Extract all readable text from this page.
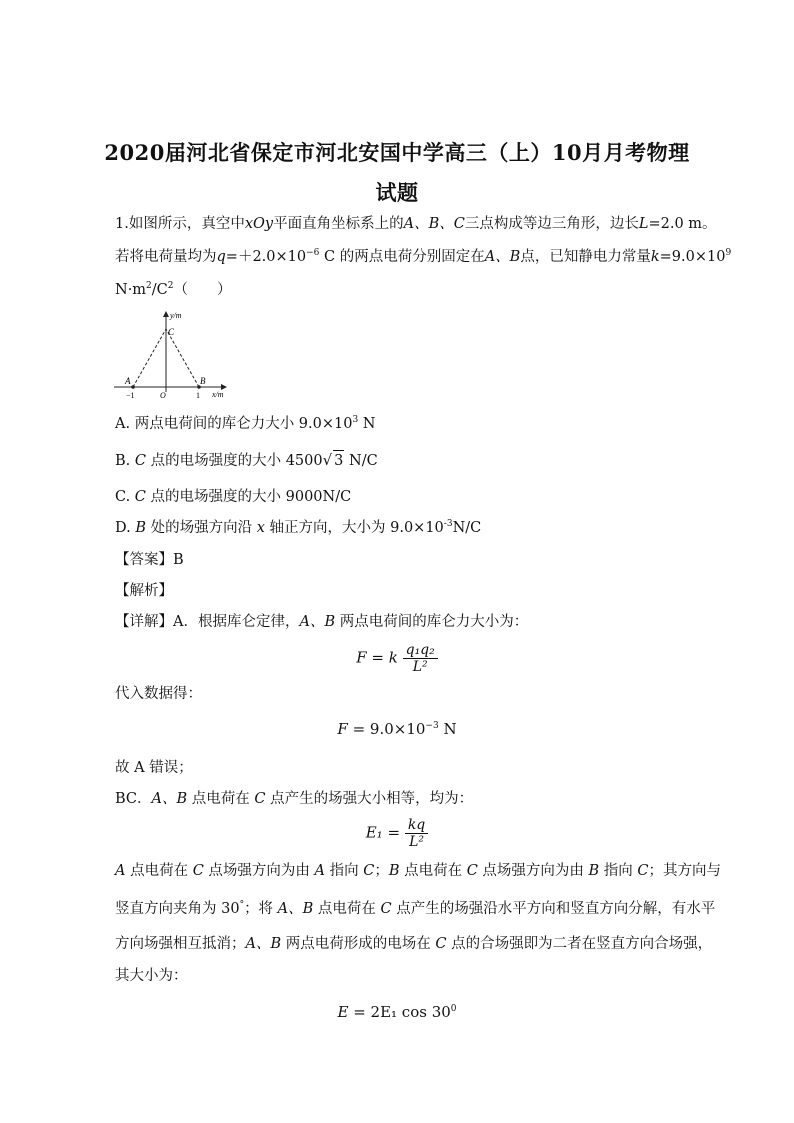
2020届河北省保定市河北安国中学高三（上）10月月考物理
试题
1.如图所示，真空中xOy平面直角坐标系上的A、B、C三点构成等边三角形，边长L=2.0 m。
若将电荷量均为$q=+2.0\times 10^{-6}$ C 的两点电荷分别固定在A、B点，已知静电力常量$k=9.0\times 10^9$
$N\cdot m^2/C^2$（　　）
y/m
x/m
C
A	B
O
−1	1
A. 两点电荷间的库仑力大小 $9.0\times 10^3$ N
B. C 点的电场强度的大小 4500√ 3 N/C
C. C 点的电场强度的大小 9000N/C
D. B 处的场强方向沿 x 轴正方向，大小为 $9.0\times 10^{-3}N/C$
【答案】B
【解析】
【详解】A．根据库仑定律，A、B 两点电荷间的库仑力大小为：
F = k $\frac{\text{q₁q₂}}{\text{L²}}$
代入数据得：
$F = 9.0\times 10^{-3}$ N
故 A 错误；
BC．A、B 点电荷在 C 点产生的场强大小相等，均为：
$E_1 = \frac{kq}{\text{L²}}$
A 点电荷在 C 点场强方向为由 A 指向 C；B 点电荷在 C 点场强方向为由 B 指向 C；其方向与
竖直方向夹角为 30°；将 A、B 点电荷在 C 点产生的场强沿水平方向和竖直方向分解，有水平
方向场强相互抵消；A、B 两点电荷形成的电场在 C 点的合场强即为二者在竖直方向合场强，
其大小为：
E = 2E₁ $\cos 30^0$
